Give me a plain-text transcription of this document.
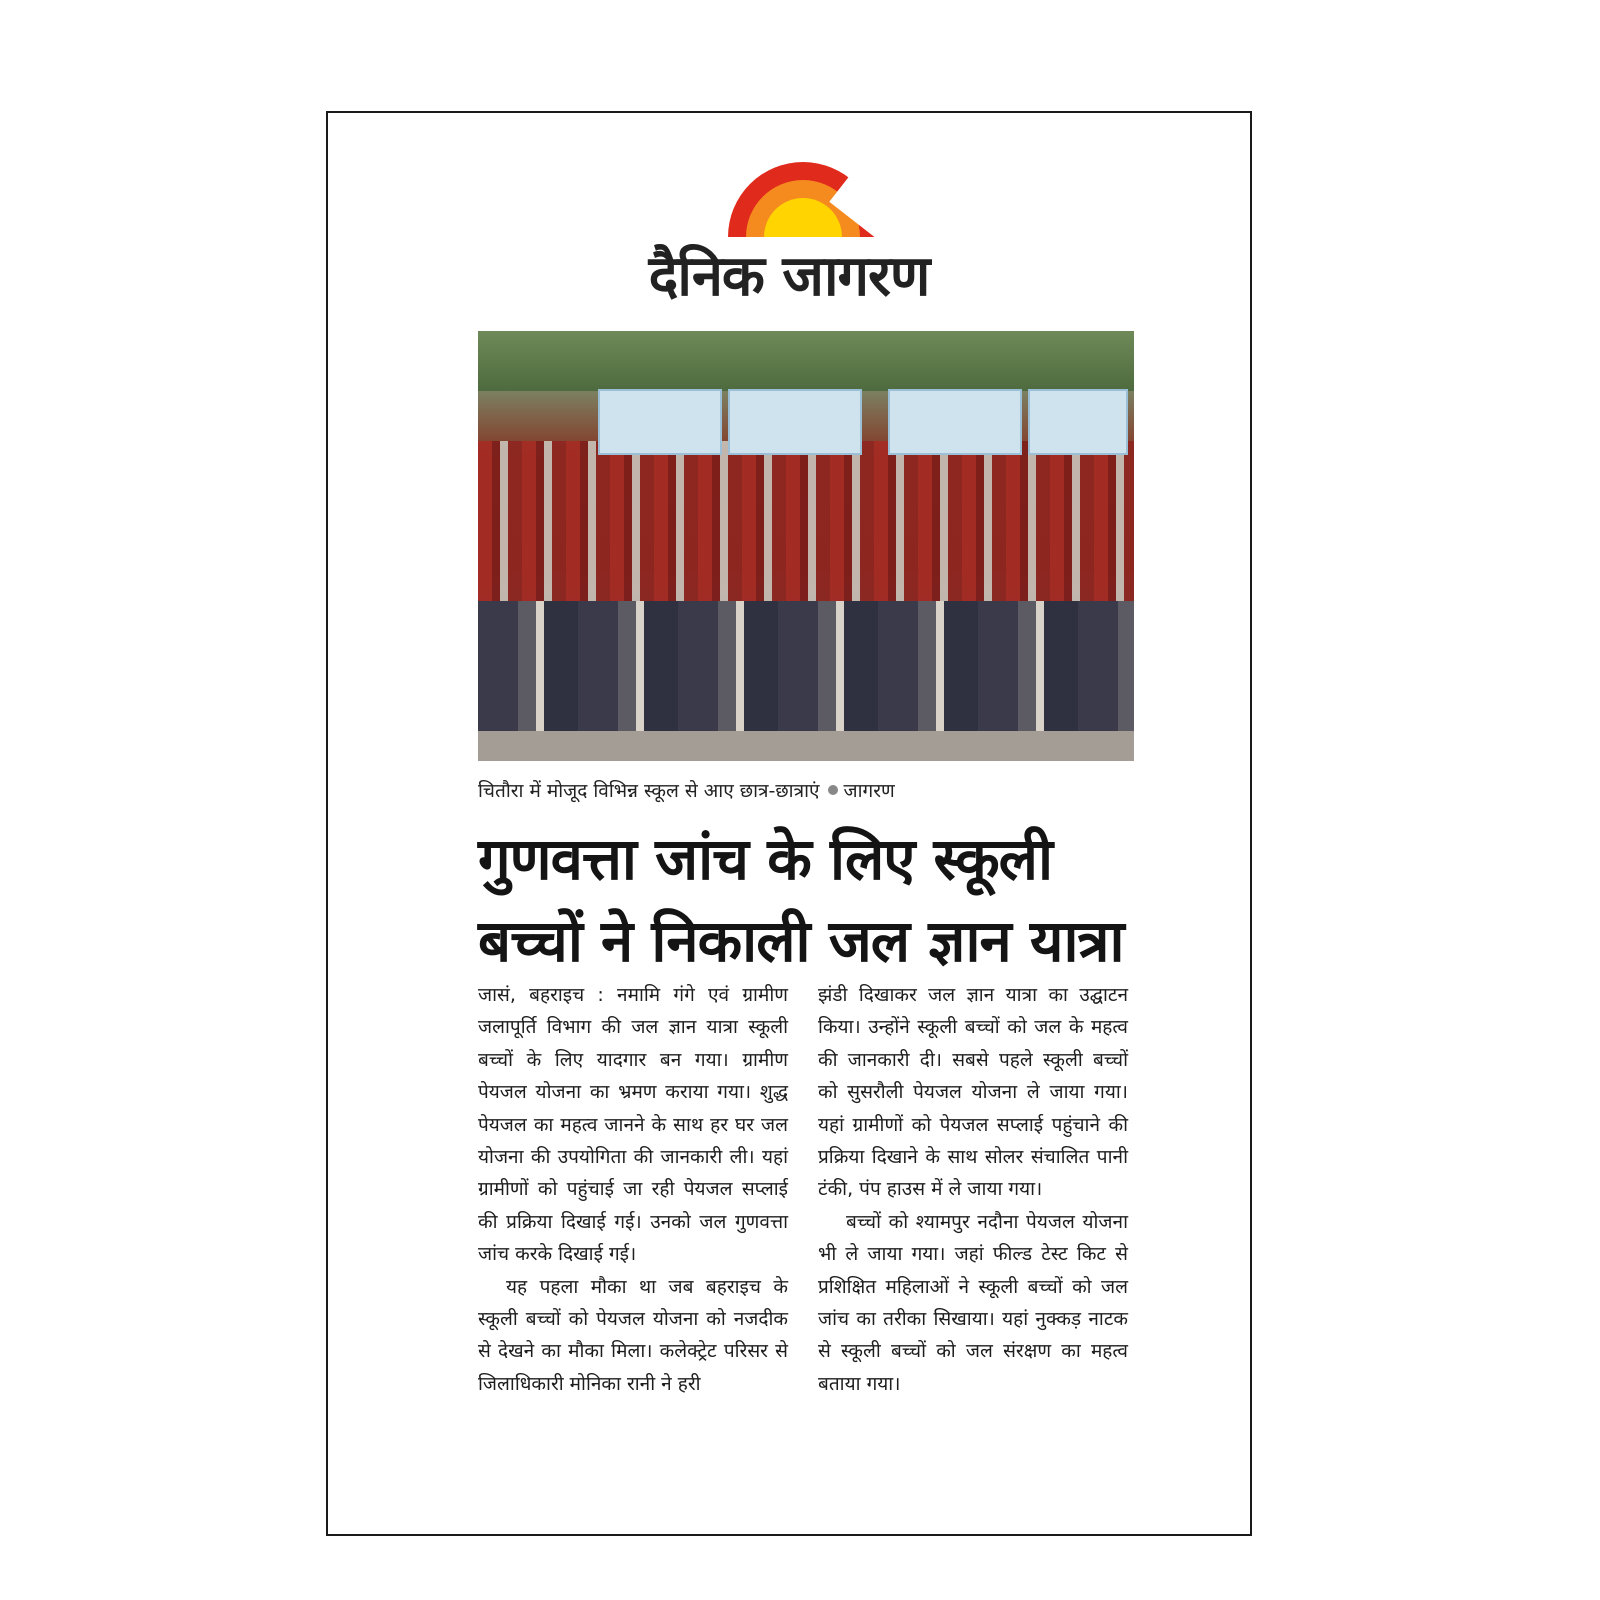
दैनिक जागरण
चितौरा में मोजूद विभिन्न स्कूल से आए छात्र-छात्राएं जागरण
गुणवत्ता जांच के लिए स्कूली बच्चों ने निकाली जल ज्ञान यात्रा

जासं, बहराइच : नमामि गंगे एवं ग्रामीण जलापूर्ति विभाग की जल ज्ञान यात्रा स्कूली बच्चों के लिए यादगार बन गया। ग्रामीण पेयजल योजना का भ्रमण कराया गया। शुद्ध पेयजल का महत्व जानने के साथ हर घर जल योजना की उपयोगिता की जानकारी ली। यहां ग्रामीणों को पहुंचाई जा रही पेयजल सप्लाई की प्रक्रिया दिखाई गई। उनको जल गुणवत्ता जांच करके दिखाई गई।

यह पहला मौका था जब बहराइच के स्कूली बच्चों को पेयजल योजना को नजदीक से देखने का मौका मिला। कलेक्ट्रेट परिसर से जिलाधिकारी मोनिका रानी ने हरी

झंडी दिखाकर जल ज्ञान यात्रा का उद्घाटन किया। उन्होंने स्कूली बच्चों को जल के महत्व की जानकारी दी। सबसे पहले स्कूली बच्चों को सुसरौली पेयजल योजना ले जाया गया। यहां ग्रामीणों को पेयजल सप्लाई पहुंचाने की प्रक्रिया दिखाने के साथ सोलर संचालित पानी टंकी, पंप हाउस में ले जाया गया।

बच्चों को श्यामपुर नदौना पेयजल योजना भी ले जाया गया। जहां फील्ड टेस्ट किट से प्रशिक्षित महिलाओं ने स्कूली बच्चों को जल जांच का तरीका सिखाया। यहां नुक्कड़ नाटक से स्कूली बच्चों को जल संरक्षण का महत्व बताया गया।
